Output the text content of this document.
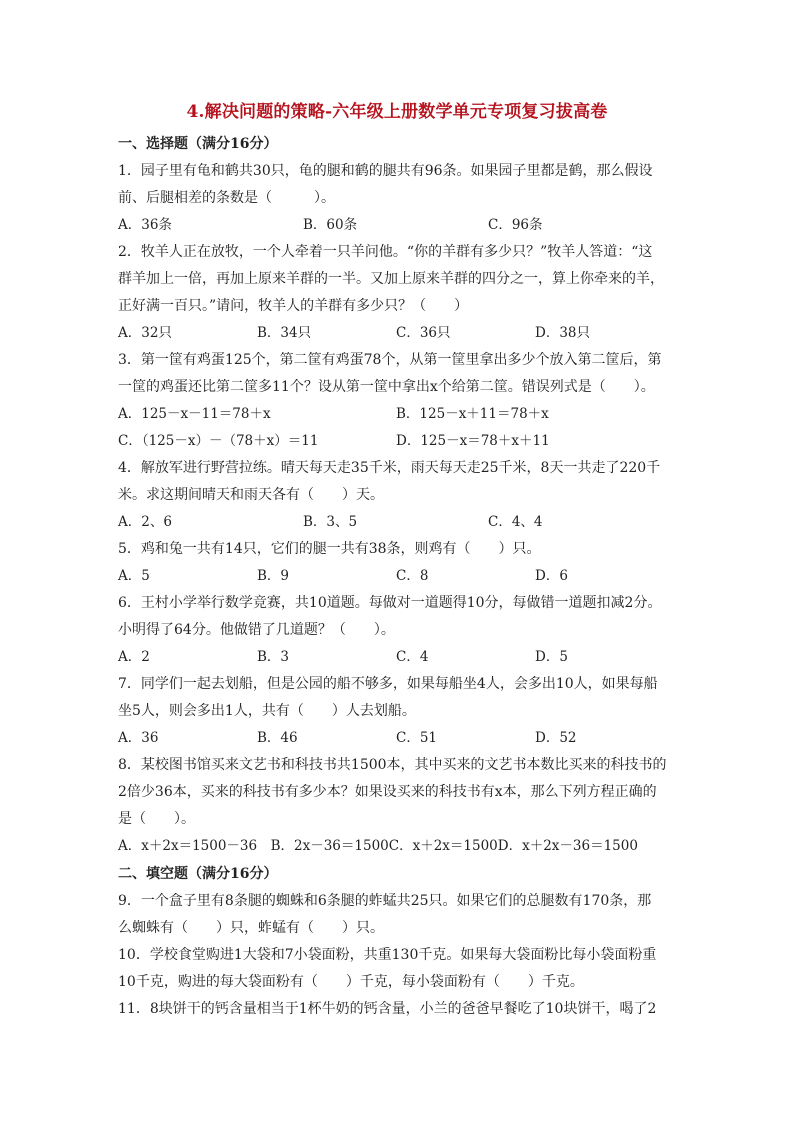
4.解决问题的策略-六年级上册数学单元专项复习拔高卷
一、选择题（满分16分）
1．园子里有龟和鹤共30只，龟的腿和鹤的腿共有96条。如果园子里都是鹤，那么假设
前、后腿相差的条数是（　　　）。
A．36条	B．60条	C．96条
2．牧羊人正在放牧，一个人牵着一只羊问他。“你的羊群有多少只？”牧羊人答道：“这
群羊加上一倍，再加上原来羊群的一半。又加上原来羊群的四分之一，算上你牵来的羊，
正好满一百只。”请问，牧羊人的羊群有多少只？（　　）
A．32只	B．34只	C．36只	D．38只
3．第一筐有鸡蛋125个，第二筐有鸡蛋78个，从第一筐里拿出多少个放入第二筐后，第
一筐的鸡蛋还比第二筐多11个？设从第一筐中拿出x个给第二筐。错误列式是（　　）。
A．125－x－11＝78＋x	B．125－x＋11＝78＋x
C．（125－x）－（78＋x）＝11	D．125－x＝78＋x＋11
4．解放军进行野营拉练。晴天每天走35千米，雨天每天走25千米，8天一共走了220千
米。求这期间晴天和雨天各有（　　）天。
A．2、6	B．3、5	C．4、4
5．鸡和兔一共有14只，它们的腿一共有38条，则鸡有（　　）只。
A．5	B．9	C．8	D．6
6．王村小学举行数学竞赛，共10道题。每做对一道题得10分，每做错一道题扣减2分。
小明得了64分。他做错了几道题？（　　）。
A．2	B．3	C．4	D．5
7．同学们一起去划船，但是公园的船不够多，如果每船坐4人，会多出10人，如果每船
坐5人，则会多出1人，共有（　　）人去划船。
A．36	B．46	C．51	D．52
8．某校图书馆买来文艺书和科技书共1500本，其中买来的文艺书本数比买来的科技书的
2倍少36本，买来的科技书有多少本？如果设买来的科技书有x本，那么下列方程正确的
是（　　）。
A．x＋2x＝1500－36　B．2x－36＝1500C．x＋2x＝1500D．x＋2x－36＝1500
二、填空题（满分16分）
9．一个盒子里有8条腿的蜘蛛和6条腿的蚱蜢共25只。如果它们的总腿数有170条，那
么蜘蛛有（　　）只，蚱蜢有（　　）只。
10．学校食堂购进1大袋和7小袋面粉，共重130千克。如果每大袋面粉比每小袋面粉重
10千克，购进的每大袋面粉有（　　）千克，每小袋面粉有（　　）千克。
11．8块饼干的钙含量相当于1杯牛奶的钙含量，小兰的爸爸早餐吃了10块饼干，喝了2
